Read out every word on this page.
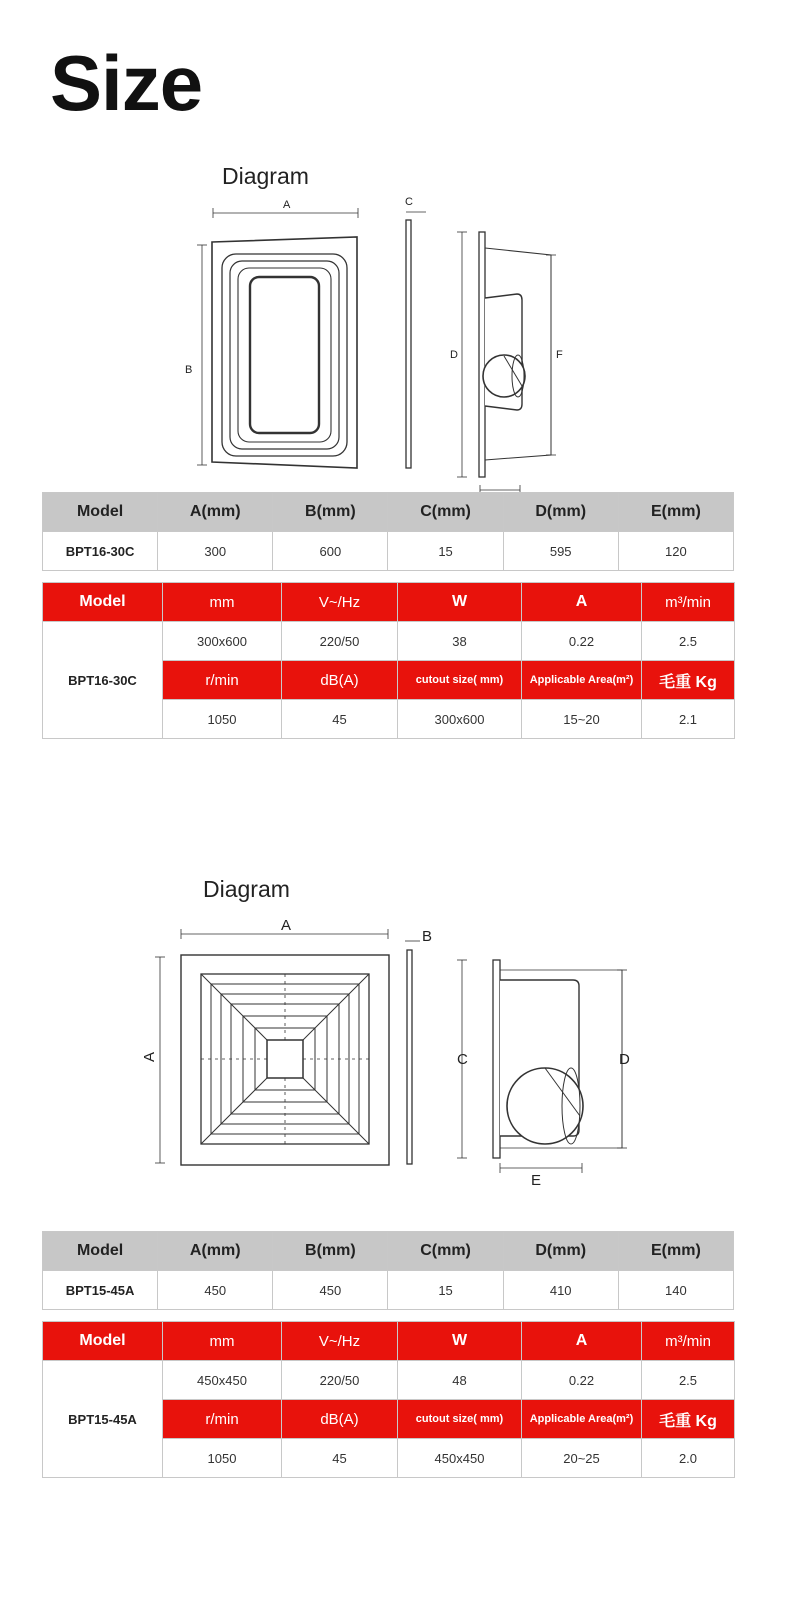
Size
Diagram
A
B
C
D	F
Model	A(mm)	B(mm)	C(mm)	D(mm)	E(mm)
BPT16-30C	300	600	15	595	120
Model	mm	V~/Hz	W	A	m³/min
BPT16-30C	300x600	220/50	38	0.22	2.5
	r/min	dB(A)	cutout size( mm)	Applicable Area(m²)	毛重 Kg
	1050	45	300x600	15~20	2.1
Diagram
A
A
B
C	D
E
Model	A(mm)	B(mm)	C(mm)	D(mm)	E(mm)
BPT15-45A	450	450	15	410	140
Model	mm	V~/Hz	W	A	m³/min
BPT15-45A	450x450	220/50	48	0.22	2.5
	r/min	dB(A)	cutout size( mm)	Applicable Area(m²)	毛重 Kg
	1050	45	450x450	20~25	2.0
